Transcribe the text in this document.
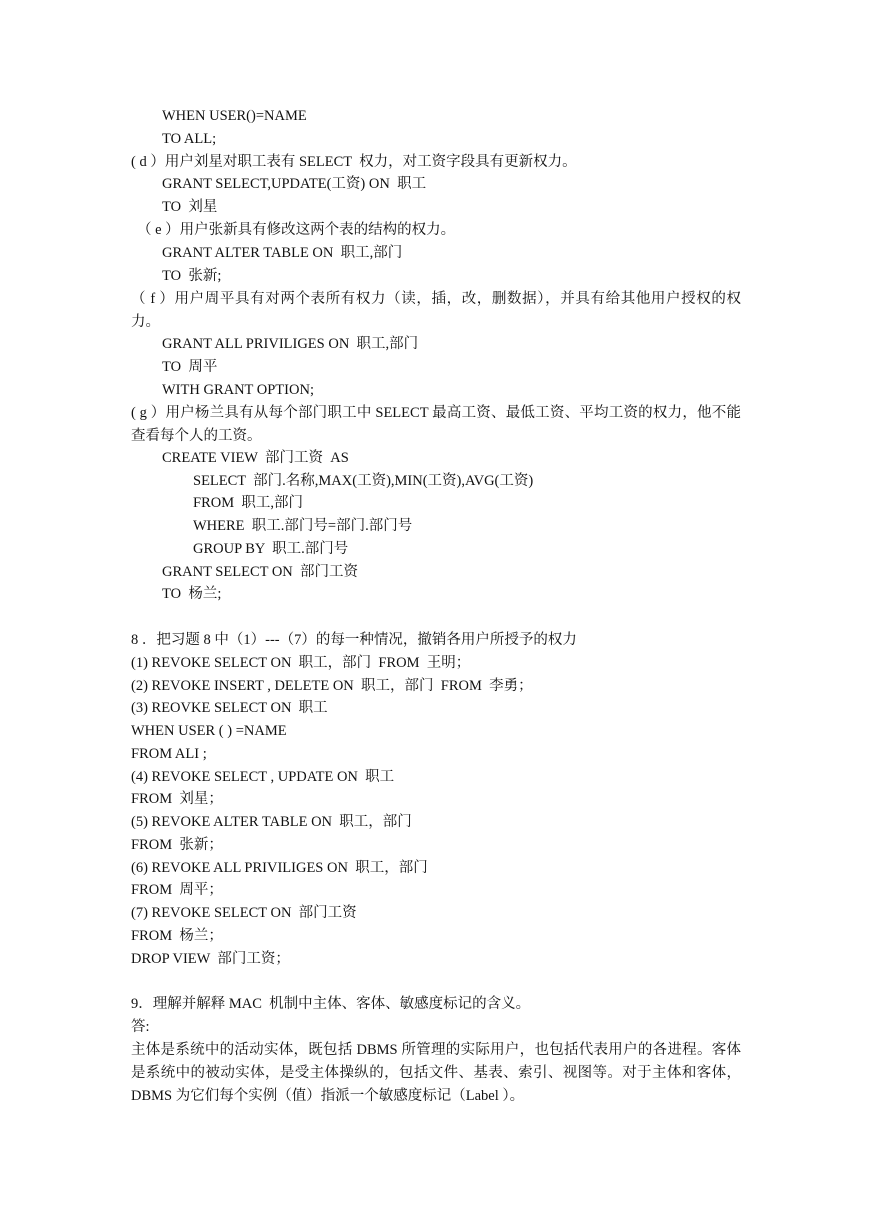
WHEN USER()=NAME
TO ALL;
( d ）用户刘星对职工表有 SELECT  权力，对工资字段具有更新权力。
GRANT SELECT,UPDATE(工资) ON  职工
TO  刘星
（ e ）用户张新具有修改这两个表的结构的权力。
GRANT ALTER TABLE ON  职工,部门
TO  张新;
（ f ）用户周平具有对两个表所有权力（读，插，改，删数据），并具有给其他用户授权的权力。
GRANT ALL PRIVILIGES ON  职工,部门
TO  周平
WITH GRANT OPTION;
( g ）用户杨兰具有从每个部门职工中 SELECT 最高工资、最低工资、平均工资的权力，他不能查看每个人的工资。
CREATE VIEW  部门工资  AS
SELECT  部门.名称,MAX(工资),MIN(工资),AVG(工资)
FROM  职工,部门
WHERE  职工.部门号=部门.部门号
GROUP BY  职工.部门号
GRANT SELECT ON  部门工资
TO  杨兰;
8 ．把习题 8 中（1）---（7）的每一种情况，撤销各用户所授予的权力
(1) REVOKE SELECT ON  职工，部门  FROM  王明；
(2) REVOKE INSERT , DELETE ON  职工，部门  FROM  李勇；
(3) REOVKE SELECT ON  职工
WHEN USER ( ) =NAME
FROM ALI ;
(4) REVOKE SELECT , UPDATE ON  职工
FROM  刘星；
(5) REVOKE ALTER TABLE ON  职工，部门
FROM  张新；
(6) REVOKE ALL PRIVILIGES ON  职工，部门
FROM  周平；
(7) REVOKE SELECT ON  部门工资
FROM  杨兰；
DROP VIEW  部门工资；
9．理解并解释 MAC  机制中主体、客体、敏感度标记的含义。
答:
主体是系统中的活动实体，既包括 DBMS 所管理的实际用户，也包括代表用户的各进程。客体是系统中的被动实体，是受主体操纵的，包括文件、基表、索引、视图等。对于主体和客体，DBMS 为它们每个实例（值）指派一个敏感度标记（Label ）。
